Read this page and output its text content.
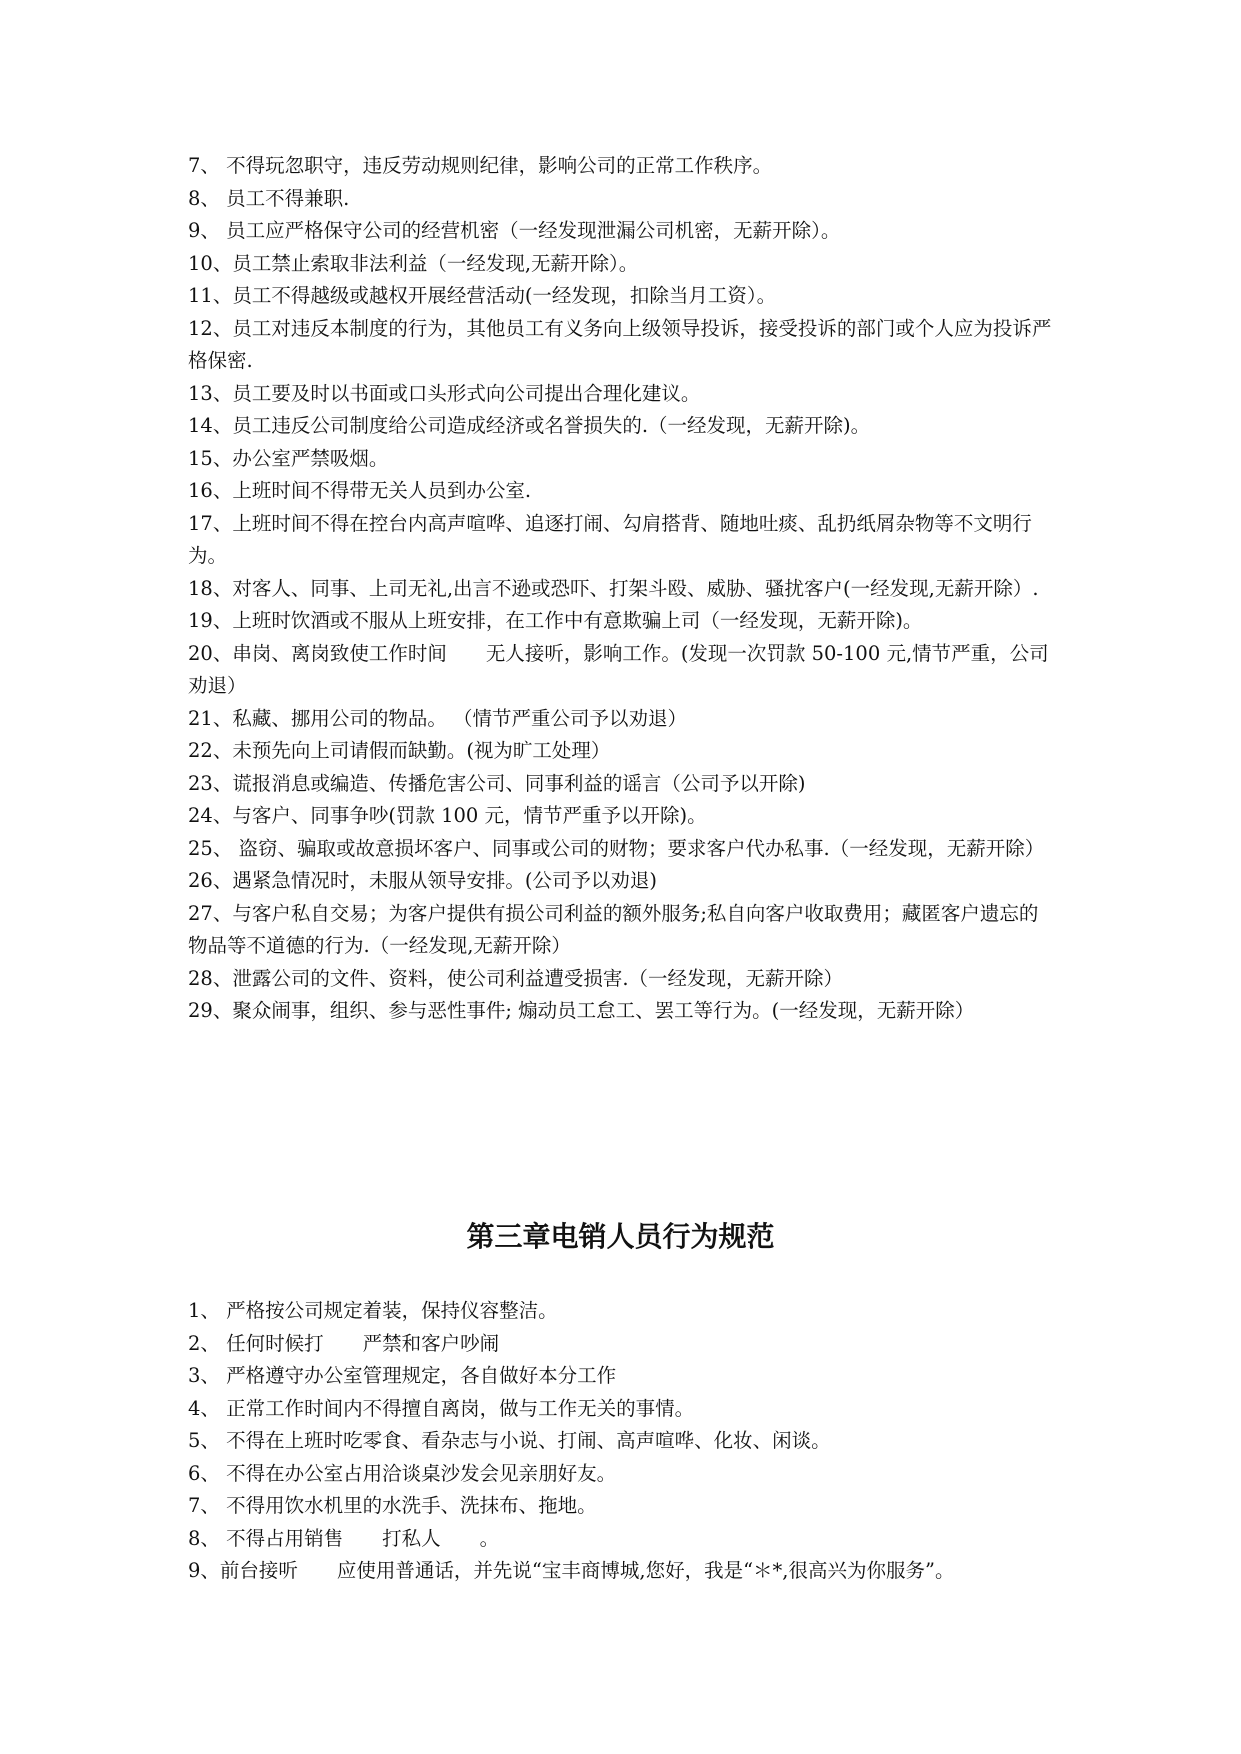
7、 不得玩忽职守，违反劳动规则纪律，影响公司的正常工作秩序。
8、 员工不得兼职.
9、 员工应严格保守公司的经营机密（一经发现泄漏公司机密，无薪开除）。
10、员工禁止索取非法利益（一经发现,无薪开除）。
11、员工不得越级或越权开展经营活动(一经发现，扣除当月工资）。
12、员工对违反本制度的行为，其他员工有义务向上级领导投诉，接受投诉的部门或个人应为投诉严格保密.
13、员工要及时以书面或口头形式向公司提出合理化建议。
14、员工违反公司制度给公司造成经济或名誉损失的.（一经发现，无薪开除)。
15、办公室严禁吸烟。
16、上班时间不得带无关人员到办公室.
17、上班时间不得在控台内高声喧哗、追逐打闹、勾肩搭背、随地吐痰、乱扔纸屑杂物等不文明行为。
18、对客人、同事、上司无礼,出言不逊或恐吓、打架斗殴、威胁、骚扰客户(一经发现,无薪开除）.
19、上班时饮酒或不服从上班安排，在工作中有意欺骗上司（一经发现，无薪开除)。
20、串岗、离岗致使工作时间　　无人接听，影响工作。(发现一次罚款 50-100 元,情节严重，公司劝退）
21、私藏、挪用公司的物品。 （情节严重公司予以劝退）
22、未预先向上司请假而缺勤。(视为旷工处理）
23、谎报消息或编造、传播危害公司、同事利益的谣言（公司予以开除)
24、与客户、同事争吵(罚款 100 元，情节严重予以开除)。
25、 盗窃、骗取或故意损坏客户、同事或公司的财物；要求客户代办私事.（一经发现，无薪开除）
26、遇紧急情况时，未服从领导安排。(公司予以劝退)
27、与客户私自交易；为客户提供有损公司利益的额外服务;私自向客户收取费用；藏匿客户遗忘的 物品等不道德的行为.（一经发现,无薪开除）
28、泄露公司的文件、资料，使公司利益遭受损害.（一经发现，无薪开除）
29、聚众闹事，组织、参与恶性事件; 煽动员工怠工、罢工等行为。(一经发现，无薪开除）
第三章电销人员行为规范
1、 严格按公司规定着装，保持仪容整洁。
2、 任何时候打　　严禁和客户吵闹
3、 严格遵守办公室管理规定，各自做好本分工作
4、 正常工作时间内不得擅自离岗，做与工作无关的事情。
5、 不得在上班时吃零食、看杂志与小说、打闹、高声喧哗、化妆、闲谈。
6、 不得在办公室占用洽谈桌沙发会见亲朋好友。
7、 不得用饮水机里的水洗手、洗抹布、拖地。
8、 不得占用销售　　打私人　　。
9、前台接听　　应使用普通话，并先说“宝丰商博城,您好，我是“＊*,很高兴为你服务”。
